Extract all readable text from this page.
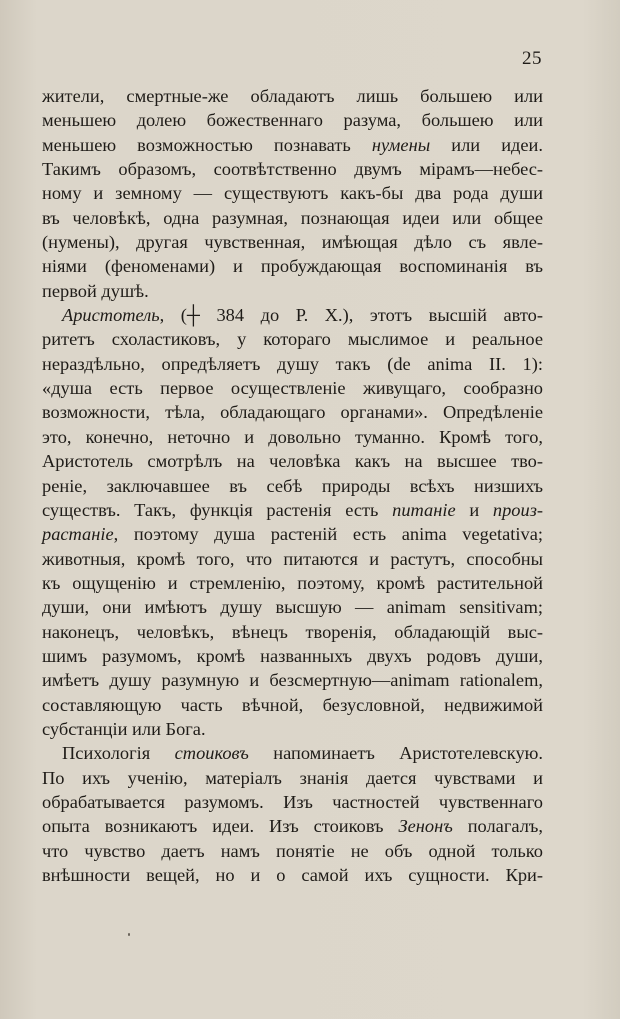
25
жители, смертные-же обладаютъ лишь большею или
меньшею долею божественнаго разума, большею или
меньшею возможностью познавать нумены или идеи.
Такимъ образомъ, соотвѣтственно двумъ мірамъ—небес-
ному и земному — существуютъ какъ-бы два рода души
въ человѣкѣ, одна разумная, познающая идеи или общее
(нумены), другая чувственная, имѣющая дѣло съ явле-
ніями (феноменами) и пробуждающая воспоминанія въ
первой душѣ.
Аристотель, (┼ 384 до Р. Х.), этотъ высшій авто-
ритетъ схоластиковъ, у котораго мыслимое и реальное
нераздѣльно, опредѣляетъ душу такъ (de anima II. 1):
«душа есть первое осуществленіе живущаго, сообразно
возможности, тѣла, обладающаго органами». Опредѣленіе
это, конечно, неточно и довольно туманно. Кромѣ того,
Аристотель смотрѣлъ на человѣка какъ на высшее тво-
реніе, заключавшее въ себѣ природы всѣхъ низшихъ
существъ. Такъ, функція растенія есть питаніе и произ-
растаніе, поэтому душа растеній есть anima vegetativa;
животныя, кромѣ того, что питаются и растутъ, способны
къ ощущенію и стремленію, поэтому, кромѣ растительной
души, они имѣютъ душу высшую — animam sensitivam;
наконецъ, человѣкъ, вѣнецъ творенія, обладающій выс-
шимъ разумомъ, кромѣ названныхъ двухъ родовъ души,
имѣетъ душу разумную и безсмертную—animam rationalem,
составляющую часть вѣчной, безусловной, недвижимой
субстанціи или Бога.
Психологія стоиковъ напоминаетъ Аристотелевскую.
По ихъ ученію, матеріалъ знанія дается чувствами и
обрабатывается разумомъ. Изъ частностей чувственнаго
опыта возникаютъ идеи. Изъ стоиковъ Зенонъ полагалъ,
что чувство даетъ намъ понятіе не объ одной только
внѣшности вещей, но и о самой ихъ сущности. Кри-
